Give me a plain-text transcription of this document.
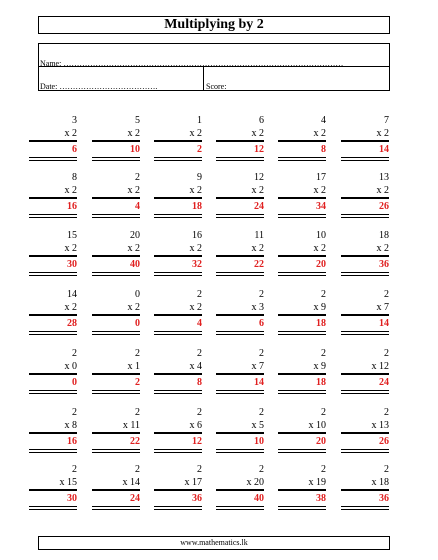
Multiplying by 2
Name: ……………………………………………………………………………………………
Date: ……………………………….	Score:
3
x 2
6
5
x 2
10
1
x 2
2
6
x 2
12
4
x 2
8
7
x 2
14
8
x 2
16
2
x 2
4
9
x 2
18
12
x 2
24
17
x 2
34
13
x 2
26
15
x 2
30
20
x 2
40
16
x 2
32
11
x 2
22
10
x 2
20
18
x 2
36
14
x 2
28
0
x 2
0
2
x 2
4
2
x 3
6
2
x 9
18
2
x 7
14
2
x 0
0
2
x 1
2
2
x 4
8
2
x 7
14
2
x 9
18
2
x 12
24
2
x 8
16
2
x 11
22
2
x 6
12
2
x 5
10
2
x 10
20
2
x 13
26
2
x 15
30
2
x 14
24
2
x 17
36
2
x 20
40
2
x 19
38
2
x 18
36
www.mathematics.lk
